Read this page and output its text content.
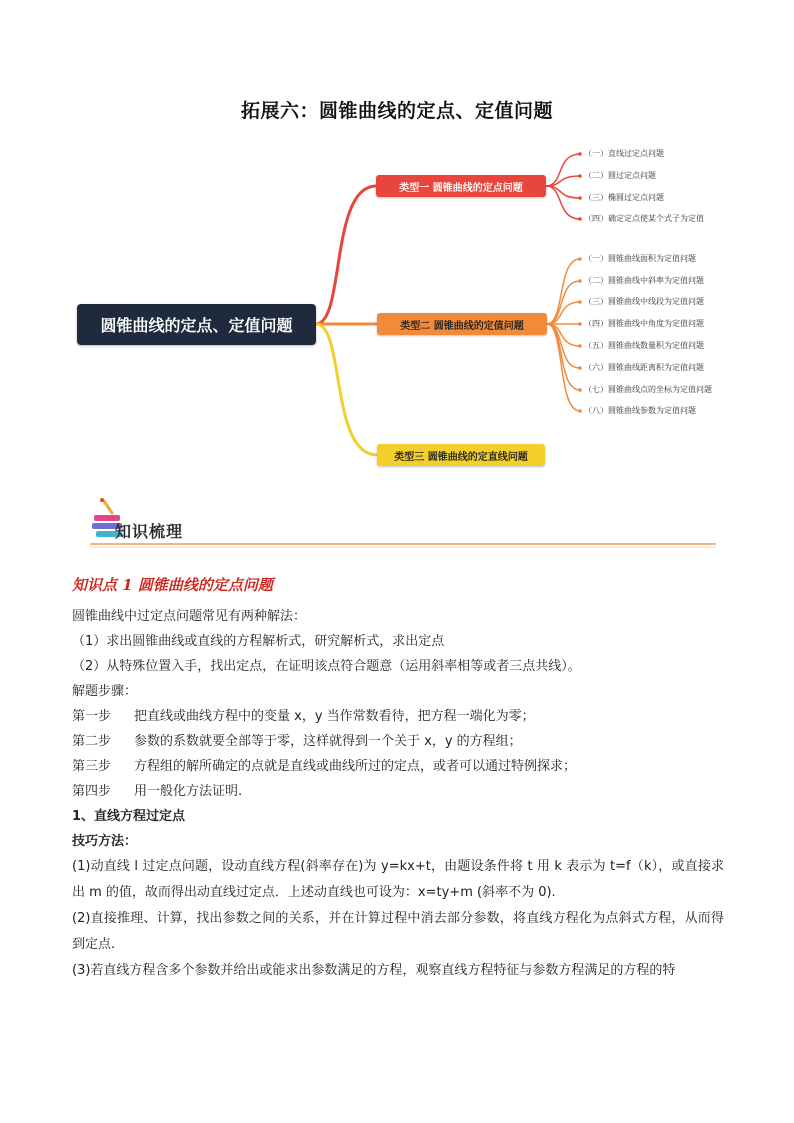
拓展六：圆锥曲线的定点、定值问题
圆锥曲线的定点、定值问题
类型一 圆锥曲线的定点问题
类型二 圆锥曲线的定值问题
类型三 圆锥曲线的定直线问题
（一）直线过定点问题
（二）圆过定点问题
（三）椭圆过定点问题
（四）确定定点使某个式子为定值
（一）圆锥曲线面积为定值问题
（二）圆锥曲线中斜率为定值问题
（三）圆锥曲线中线段为定值问题
（四）圆锥曲线中角度为定值问题
（五）圆锥曲线数量积为定值问题
（六）圆锥曲线距离积为定值问题
（七）圆锥曲线点的坐标为定值问题
（八）圆锥曲线参数为定值问题
知识梳理
知识点 1 圆锥曲线的定点问题

圆锥曲线中过定点问题常见有两种解法：

（1）求出圆锥曲线或直线的方程解析式，研究解析式，求出定点

（2）从特殊位置入手，找出定点，在证明该点符合题意（运用斜率相等或者三点共线）。

解题步骤：

第一步	把直线或曲线方程中的变量 x，y 当作常数看待，把方程一端化为零；
第二步	参数的系数就要全部等于零，这样就得到一个关于 x，y 的方程组；
第三步	方程组的解所确定的点就是直线或曲线所过的定点，或者可以通过特例探求；
第四步	用一般化方法证明.

1、直线方程过定点

技巧方法：

(1)动直线 l 过定点问题，设动直线方程(斜率存在)为 y=kx+t，由题设条件将 t 用 k 表示为 t=f（k），或直接求出 m 的值，故而得出动直线过定点．上述动直线也可设为：x=ty+m (斜率不为 0).

(2)直接推理、计算，找出参数之间的关系，并在计算过程中消去部分参数，将直线方程化为点斜式方程，从而得到定点.

(3)若直线方程含多个参数并给出或能求出参数满足的方程，观察直线方程特征与参数方程满足的方程的特
